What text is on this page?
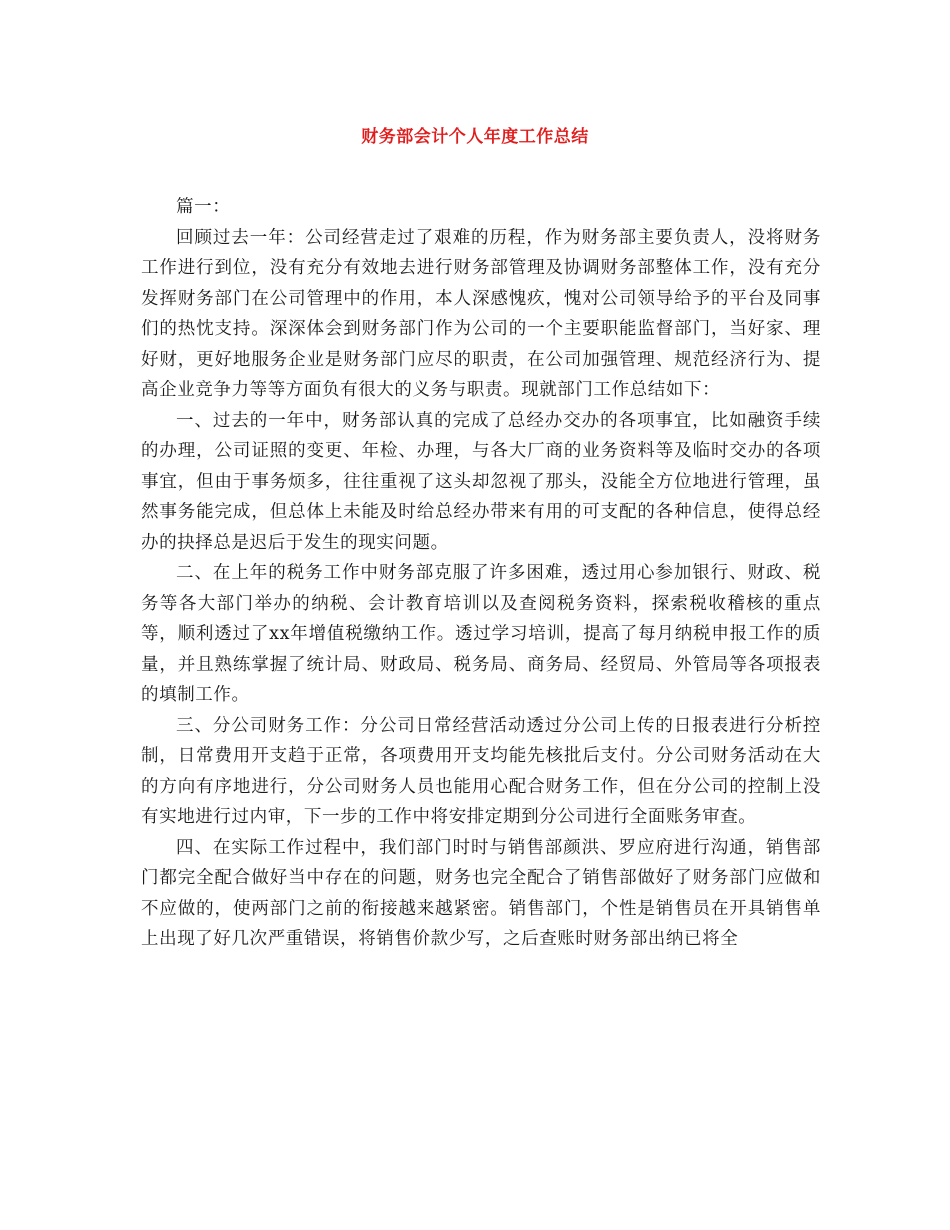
财务部会计个人年度工作总结

篇一：

回顾过去一年：公司经营走过了艰难的历程，作为财务部主要负责人，没将财务工作进行到位，没有充分有效地去进行财务部管理及协调财务部整体工作，没有充分发挥财务部门在公司管理中的作用，本人深感愧疚，愧对公司领导给予的平台及同事们的热忱支持。深深体会到财务部门作为公司的一个主要职能监督部门，当好家、理好财，更好地服务企业是财务部门应尽的职责，在公司加强管理、规范经济行为、提高企业竞争力等等方面负有很大的义务与职责。现就部门工作总结如下：

一、过去的一年中，财务部认真的完成了总经办交办的各项事宜，比如融资手续的办理，公司证照的变更、年检、办理，与各大厂商的业务资料等及临时交办的各项事宜，但由于事务烦多，往往重视了这头却忽视了那头，没能全方位地进行管理，虽然事务能完成，但总体上未能及时给总经办带来有用的可支配的各种信息，使得总经办的抉择总是迟后于发生的现实问题。

二、在上年的税务工作中财务部克服了许多困难，透过用心参加银行、财政、税务等各大部门举办的纳税、会计教育培训以及查阅税务资料，探索税收稽核的重点等，顺利透过了xx年增值税缴纳工作。透过学习培训，提高了每月纳税申报工作的质量，并且熟练掌握了统计局、财政局、税务局、商务局、经贸局、外管局等各项报表的填制工作。

三、分公司财务工作：分公司日常经营活动透过分公司上传的日报表进行分析控制，日常费用开支趋于正常，各项费用开支均能先核批后支付。分公司财务活动在大的方向有序地进行，分公司财务人员也能用心配合财务工作，但在分公司的控制上没有实地进行过内审，下一步的工作中将安排定期到分公司进行全面账务审查。

四、在实际工作过程中，我们部门时时与销售部颜洪、罗应府进行沟通，销售部门都完全配合做好当中存在的问题，财务也完全配合了销售部做好了财务部门应做和不应做的，使两部门之前的衔接越来越紧密。销售部门，个性是销售员在开具销售单上出现了好几次严重错误，将销售价款少写，之后查账时财务部出纳已将全
